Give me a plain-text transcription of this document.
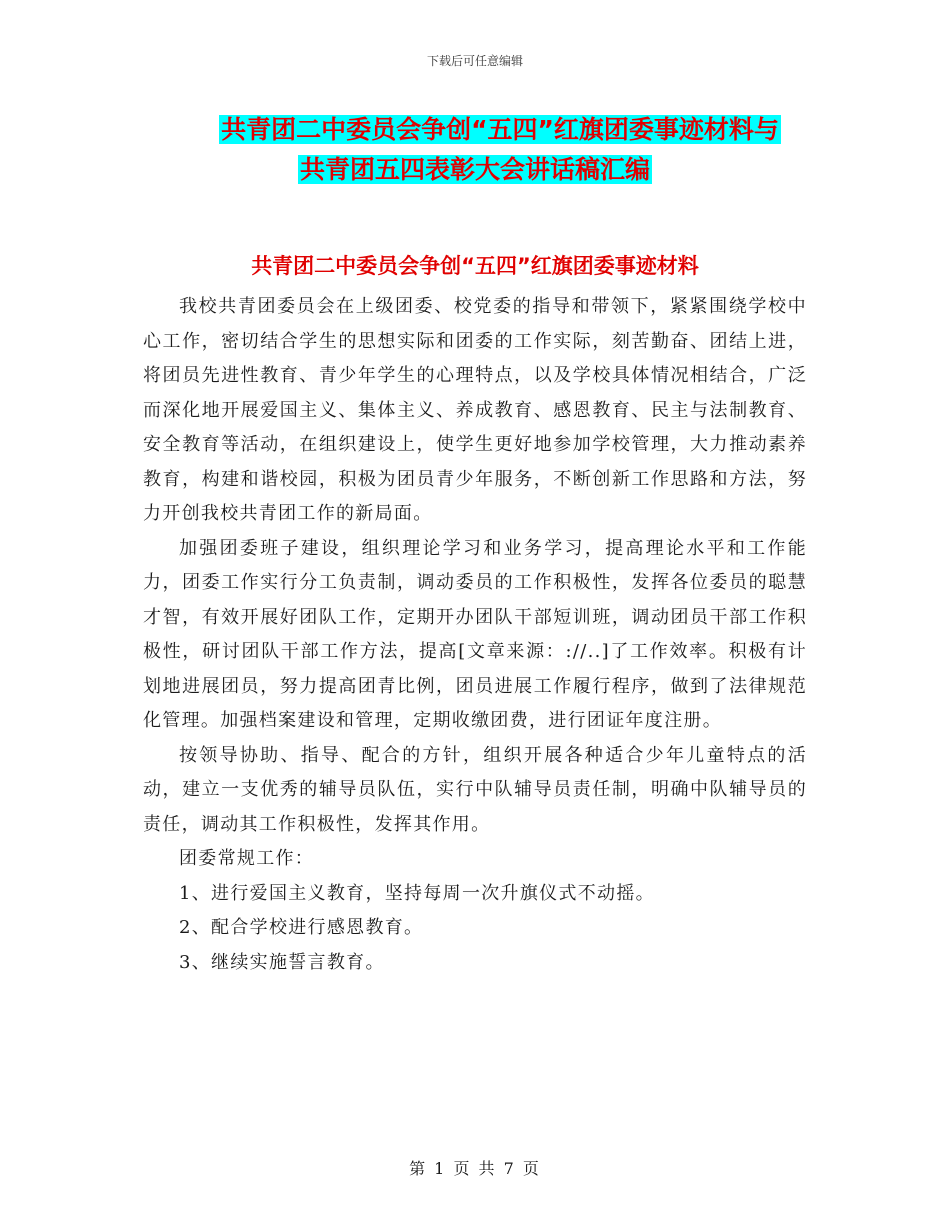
下载后可任意编辑
共青团二中委员会争创“五四”红旗团委事迹材料与
共青团五四表彰大会讲话稿汇编
共青团二中委员会争创“五四”红旗团委事迹材料

我校共青团委员会在上级团委、校党委的指导和带领下，紧紧围绕学校中心工作，密切结合学生的思想实际和团委的工作实际，刻苦勤奋、团结上进，将团员先进性教育、青少年学生的心理特点，以及学校具体情况相结合，广泛而深化地开展爱国主义、集体主义、养成教育、感恩教育、民主与法制教育、安全教育等活动，在组织建设上，使学生更好地参加学校管理，大力推动素养教育，构建和谐校园，积极为团员青少年服务，不断创新工作思路和方法，努力开创我校共青团工作的新局面。

加强团委班子建设，组织理论学习和业务学习，提高理论水平和工作能力，团委工作实行分工负责制，调动委员的工作积极性，发挥各位委员的聪慧才智，有效开展好团队工作，定期开办团队干部短训班，调动团员干部工作积极性，研讨团队干部工作方法，提高[文章来源：://..]了工作效率。积极有计划地进展团员，努力提高团青比例，团员进展工作履行程序，做到了法律规范化管理。加强档案建设和管理，定期收缴团费，进行团证年度注册。

按领导协助、指导、配合的方针，组织开展各种适合少年儿童特点的活动，建立一支优秀的辅导员队伍，实行中队辅导员责任制，明确中队辅导员的责任，调动其工作积极性，发挥其作用。

团委常规工作：

1、进行爱国主义教育，坚持每周一次升旗仪式不动摇。

2、配合学校进行感恩教育。

3、继续实施誓言教育。

第 1 页 共 7 页
